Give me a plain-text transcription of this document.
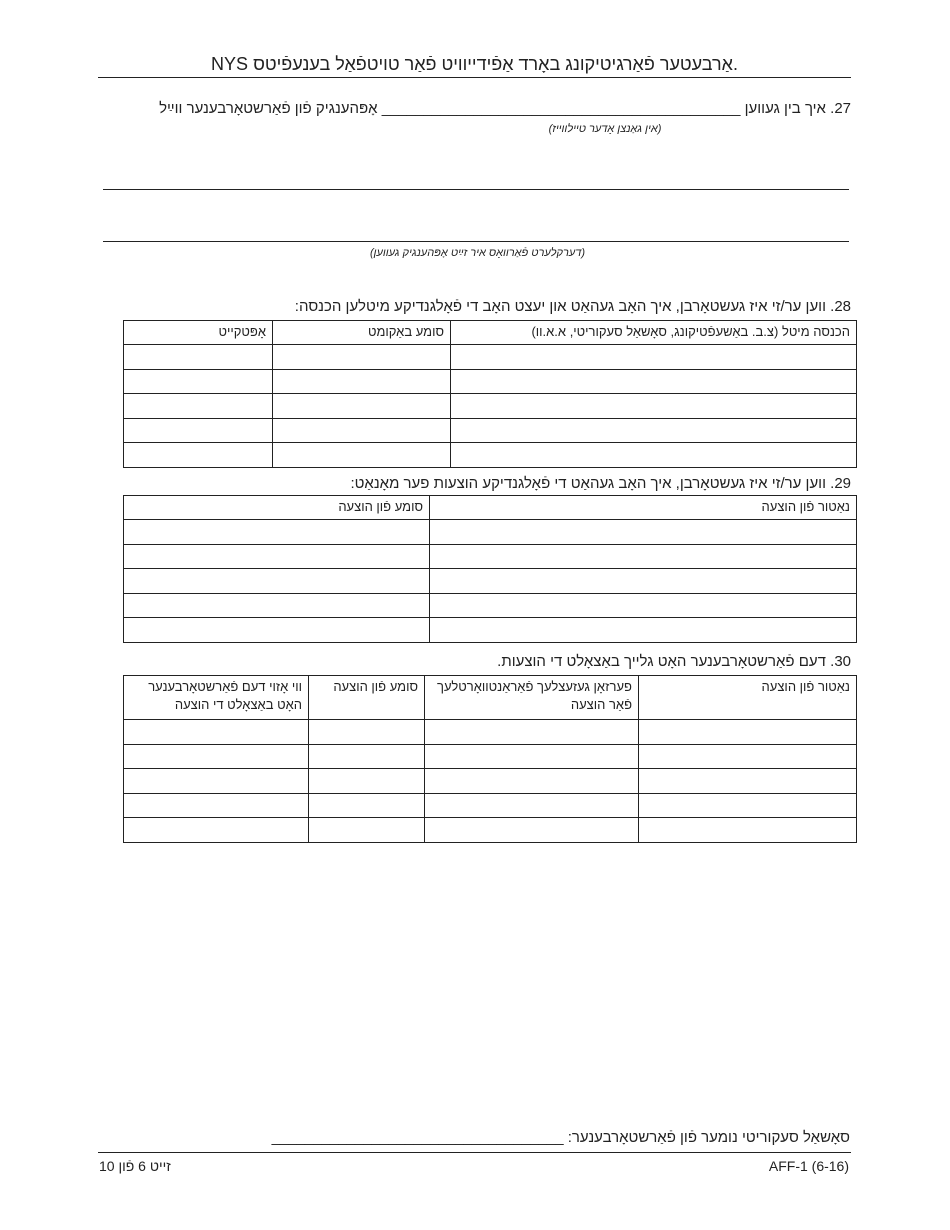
NYS אַרבעטער פֿאַרגיטיקונג באָרד אַפֿידייוויט פֿאַר טויטפֿאַל בענעפֿיטס.
27. איך בין געווען ___________________________________________ אָפּהענגיק פֿון פֿאַרשטאָרבענער ווײַל
(אין גאַנצן אָדער טיילווייז)
(דערקלערט פֿאַרוואָס איר זײַט אָפּהענגיק געווען)
28. ווען ער/זי איז געשטאָרבן, איך האָב געהאַט און יעצט האָב די פֿאָלגנדיקע מיטלען הכנסה:
הכנסה מיטל (צ.ב. באַשעפֿטיקונג, סאָשאַל סעקוריטי, א.א.וו)	סומע באַקומט	אָפּטקייט

29. ווען ער/זי איז געשטאָרבן, איך האָב געהאַט די פֿאָלגנדיקע הוצעות פער מאָנאַט:
נאַטור פֿון הוצעה	סומע פֿון הוצעה

30. דעם פֿאַרשטאָרבענער האָט גלייך באַצאָלט די הוצעות.
נאַטור פֿון הוצעה	פערזאָן געזעצלעך פֿאַראַנטוואָרטלעך פֿאַר הוצעה	סומע פֿון הוצעה	ווי אָזוי דעם פֿאַרשטאָרבענער האָט באַצאָלט די הוצעה

סאָשאַל סעקוריטי נומער פֿון פֿאַרשטאָרבענער: ___________________________________
AFF-1 (6-16)
זייט 6 פֿון 10
